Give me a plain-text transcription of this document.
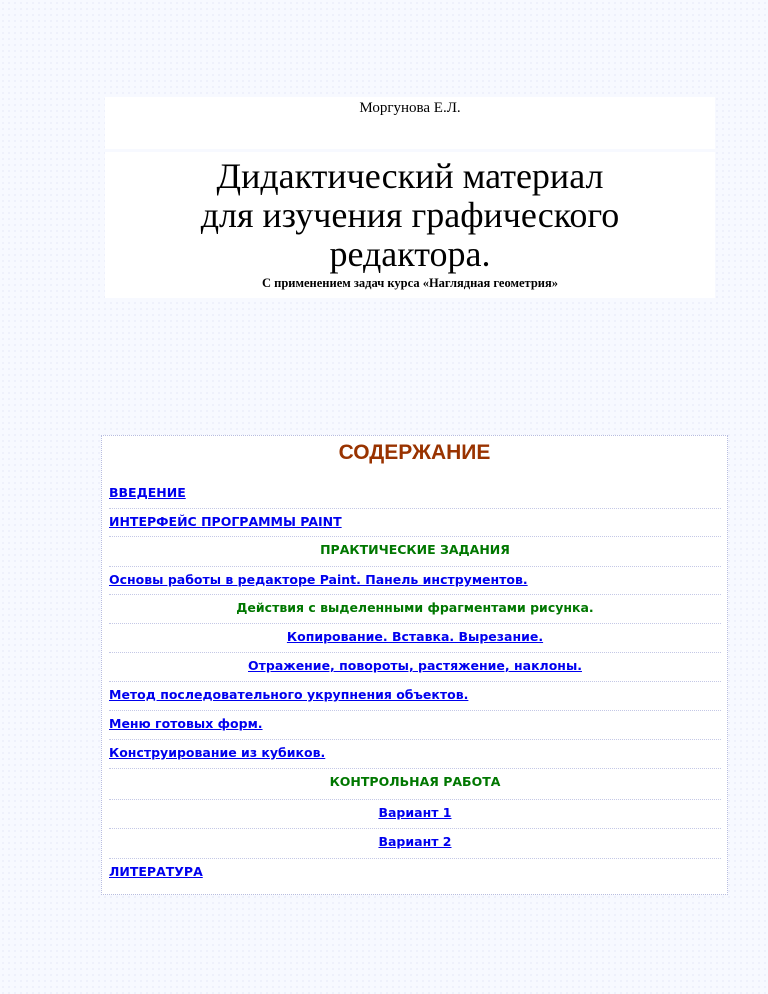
Моргунова Е.Л.
Дидактический материал
для изучения графического
редактора.
С применением задач курса «Наглядная геометрия»
СОДЕРЖАНИЕ
ВВЕДЕНИЕ
ИНТЕРФЕЙС ПРОГРАММЫ PAINT
ПРАКТИЧЕСКИЕ ЗАДАНИЯ
Основы работы в редакторе Paint. Панель инструментов.
Действия с выделенными фрагментами рисунка.
Копирование. Вставка. Вырезание.
Отражение, повороты, растяжение, наклоны.
Метод последовательного укрупнения объектов.
Меню готовых форм.
Конструирование из кубиков.
КОНТРОЛЬНАЯ РАБОТА
Вариант 1
Вариант 2
ЛИТЕРАТУРА
